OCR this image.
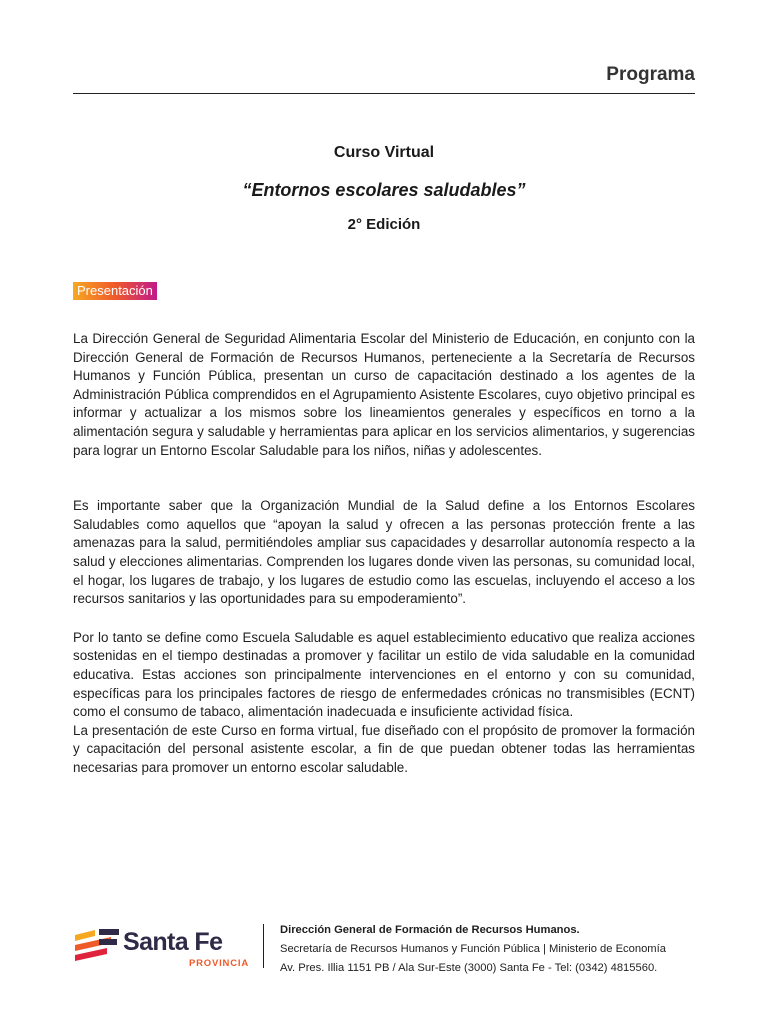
Programa

Curso Virtual

“Entornos escolares saludables”

2° Edición

Presentación

La Dirección General de Seguridad Alimentaria Escolar del Ministerio de Educación, en conjunto con la Dirección General de Formación de Recursos Humanos, perteneciente a la Secretaría de Recursos Humanos y Función Pública, presentan un curso de capacitación destinado a los agentes de la Administración Pública comprendidos en el Agrupamiento Asistente Escolares, cuyo objetivo principal es informar y actualizar a los mismos sobre los lineamientos generales y específicos en torno a la alimentación segura y saludable y herramientas para aplicar en los servicios alimentarios, y sugerencias para lograr un Entorno Escolar Saludable para los niños, niñas y adolescentes.

Es importante saber que la Organización Mundial de la Salud define a los Entornos Escolares Saludables como aquellos que “apoyan la salud y ofrecen a las personas protección frente a las amenazas para la salud, permitiéndoles ampliar sus capacidades y desarrollar autonomía respecto a la salud y elecciones alimentarias. Comprenden los lugares donde viven las personas, su comunidad local, el hogar, los lugares de trabajo, y los lugares de estudio como las escuelas, incluyendo el acceso a los recursos sanitarios y las oportunidades para su empoderamiento”.

Por lo tanto se define como Escuela Saludable es aquel establecimiento educativo que realiza acciones sostenidas en el tiempo destinadas a promover y facilitar un estilo de vida saludable en la comunidad educativa. Estas acciones son principalmente intervenciones en el entorno y con su comunidad, específicas para los principales factores de riesgo de enfermedades crónicas no transmisibles (ECNT) como el consumo de tabaco, alimentación inadecuada e insuficiente actividad física.

La presentación de este Curso en forma virtual, fue diseñado con el propósito de promover la formación y capacitación del personal asistente escolar, a fin de que puedan obtener todas las herramientas necesarias para promover un entorno escolar saludable.

Santa Fe
PROVINCIA
Dirección General de Formación de Recursos Humanos.
Secretaría de Recursos Humanos y Función Pública | Ministerio de Economía
Av. Pres. Illia 1151 PB / Ala Sur-Este (3000) Santa Fe - Tel: (0342) 4815560.
